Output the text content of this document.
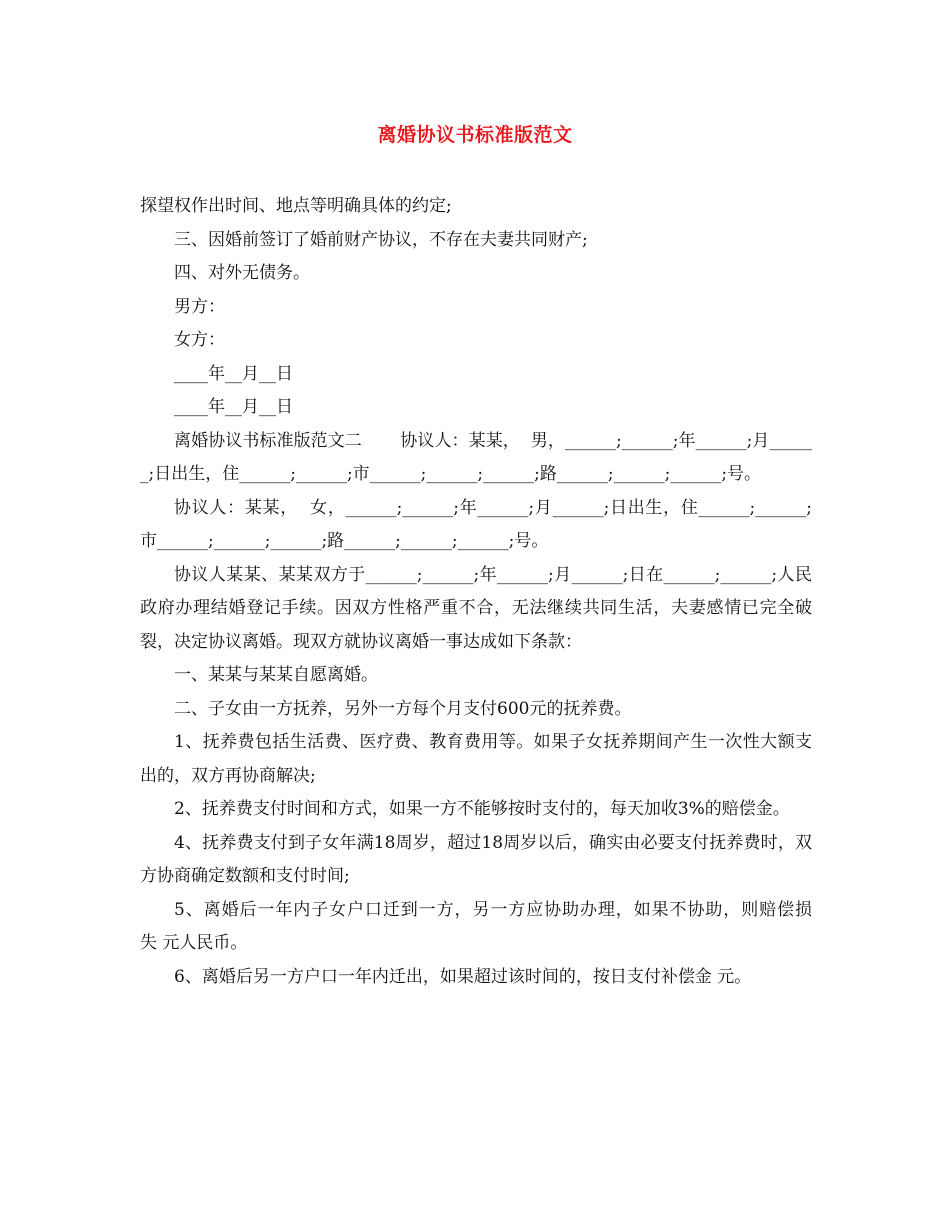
离婚协议书标准版范文

探望权作出时间、地点等明确具体的约定;

三、因婚前签订了婚前财产协议，不存在夫妻共同财产;

四、对外无债务。

男方：

女方：

____年__月__日

____年__月__日

离婚协议书标准版范文二       协议人：某某，  男，______;______;年______;月______;日出生，住______;______;市______;______;______;路______;______;______;号。

协议人：某某，  女，______;______;年______;月______;日出生，住______;______;市______;______;______;路______;______;______;号。

协议人某某、某某双方于______;______;年______;月______;日在______;______;人民政府办理结婚登记手续。因双方性格严重不合，无法继续共同生活，夫妻感情已完全破裂，决定协议离婚。现双方就协议离婚一事达成如下条款：

一、某某与某某自愿离婚。

二、子女由一方抚养，另外一方每个月支付600元的抚养费。

1、抚养费包括生活费、医疗费、教育费用等。如果子女抚养期间产生一次性大额支出的，双方再协商解决;

2、抚养费支付时间和方式，如果一方不能够按时支付的，每天加收3%的赔偿金。

4、抚养费支付到子女年满18周岁，超过18周岁以后，确实由必要支付抚养费时，双方协商确定数额和支付时间;

5、离婚后一年内子女户口迁到一方，另一方应协助办理，如果不协助，则赔偿损失 元人民币。

6、离婚后另一方户口一年内迁出，如果超过该时间的，按日支付补偿金 元。
